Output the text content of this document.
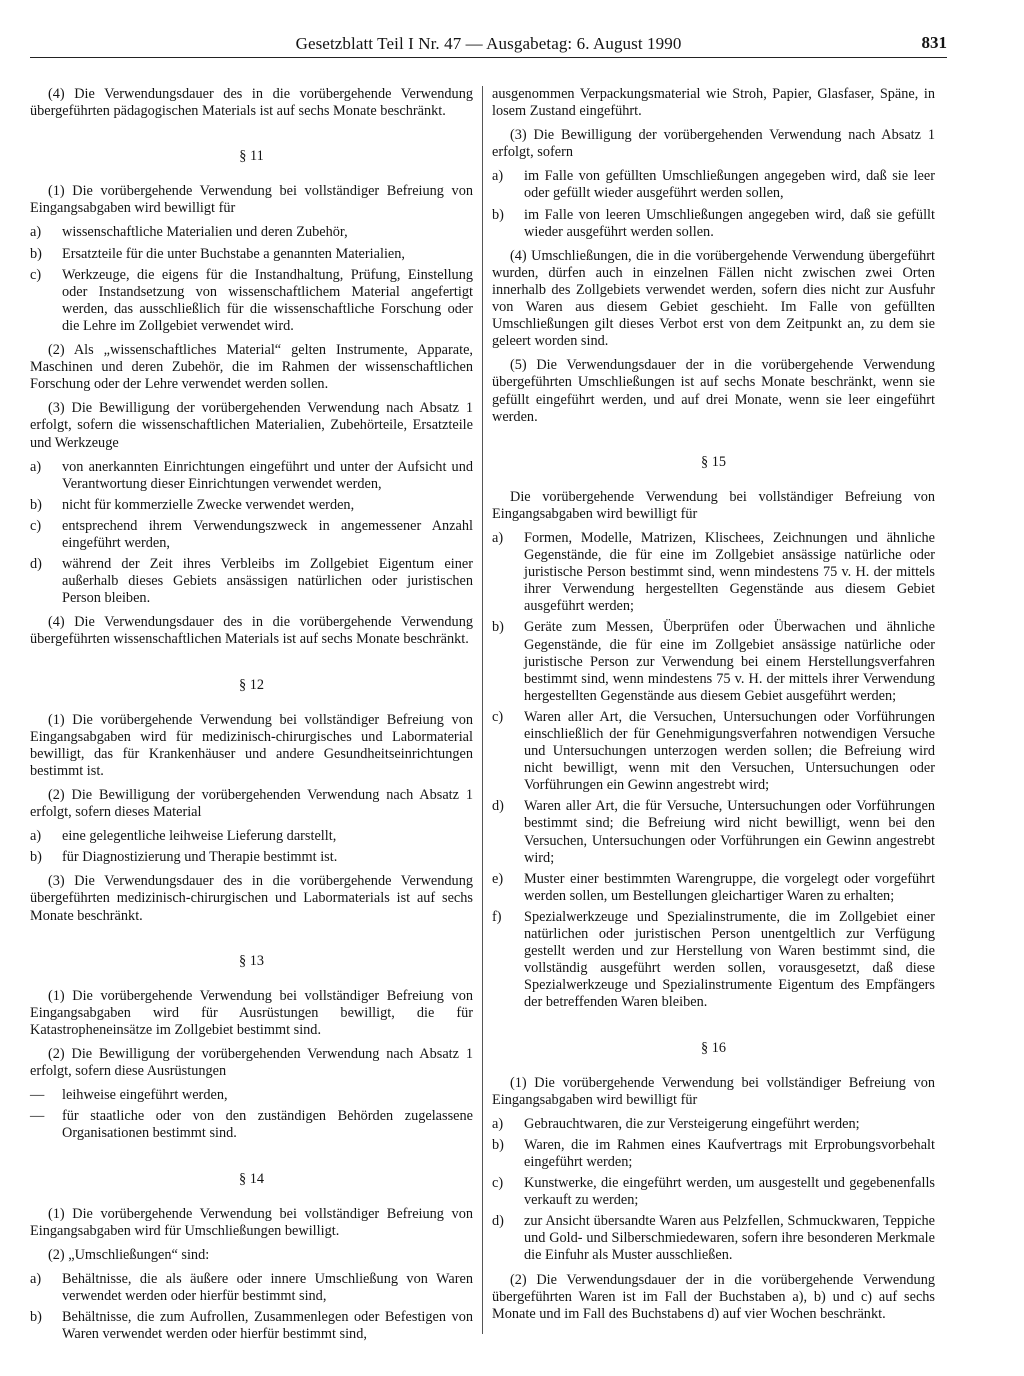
Gesetzblatt Teil I Nr. 47 — Ausgabetag: 6. August 1990	831

(4) Die Verwendungsdauer des in die vorübergehende Verwendung übergeführten pädagogischen Materials ist auf sechs Monate beschränkt.

§ 11

(1) Die vorübergehende Verwendung bei vollständiger Befreiung von Eingangsabgaben wird bewilligt für

a)	wissenschaftliche Materialien und deren Zubehör,
b)	Ersatzteile für die unter Buchstabe a genannten Materialien,
c)	Werkzeuge, die eigens für die Instandhaltung, Prüfung, Einstellung oder Instandsetzung von wissenschaftlichem Material angefertigt werden, das ausschließlich für die wissenschaftliche Forschung oder die Lehre im Zollgebiet verwendet wird.

(2) Als „wissenschaftliches Material“ gelten Instrumente, Apparate, Maschinen und deren Zubehör, die im Rahmen der wissenschaftlichen Forschung oder der Lehre verwendet werden sollen.

(3) Die Bewilligung der vorübergehenden Verwendung nach Absatz 1 erfolgt, sofern die wissenschaftlichen Materialien, Zubehörteile, Ersatzteile und Werkzeuge

a)	von anerkannten Einrichtungen eingeführt und unter der Aufsicht und Verantwortung dieser Einrichtungen verwendet werden,
b)	nicht für kommerzielle Zwecke verwendet werden,
c)	entsprechend ihrem Verwendungszweck in angemessener Anzahl eingeführt werden,
d)	während der Zeit ihres Verbleibs im Zollgebiet Eigentum einer außerhalb dieses Gebiets ansässigen natürlichen oder juristischen Person bleiben.

(4) Die Verwendungsdauer des in die vorübergehende Verwendung übergeführten wissenschaftlichen Materials ist auf sechs Monate beschränkt.

§ 12

(1) Die vorübergehende Verwendung bei vollständiger Befreiung von Eingangsabgaben wird für medizinisch-chirurgisches und Labormaterial bewilligt, das für Krankenhäuser und andere Gesundheitseinrichtungen bestimmt ist.

(2) Die Bewilligung der vorübergehenden Verwendung nach Absatz 1 erfolgt, sofern dieses Material

a)	eine gelegentliche leihweise Lieferung darstellt,
b)	für Diagnostizierung und Therapie bestimmt ist.

(3) Die Verwendungsdauer des in die vorübergehende Verwendung übergeführten medizinisch-chirurgischen und Labormaterials ist auf sechs Monate beschränkt.

§ 13

(1) Die vorübergehende Verwendung bei vollständiger Befreiung von Eingangsabgaben wird für Ausrüstungen bewilligt, die für Katastropheneinsätze im Zollgebiet bestimmt sind.

(2) Die Bewilligung der vorübergehenden Verwendung nach Absatz 1 erfolgt, sofern diese Ausrüstungen

—	leihweise eingeführt werden,
—	für staatliche oder von den zuständigen Behörden zugelassene Organisationen bestimmt sind.
§ 14

(1) Die vorübergehende Verwendung bei vollständiger Befreiung von Eingangsabgaben wird für Umschließungen bewilligt.

(2) „Umschließungen“ sind:

a)	Behältnisse, die als äußere oder innere Umschließung von Waren verwendet werden oder hierfür bestimmt sind,
b)	Behältnisse, die zum Aufrollen, Zusammenlegen oder Befestigen von Waren verwendet werden oder hierfür bestimmt sind,

ausgenommen Verpackungsmaterial wie Stroh, Papier, Glasfaser, Späne, in losem Zustand eingeführt.

(3) Die Bewilligung der vorübergehenden Verwendung nach Absatz 1 erfolgt, sofern

a)	im Falle von gefüllten Umschließungen angegeben wird, daß sie leer oder gefüllt wieder ausgeführt werden sollen,
b)	im Falle von leeren Umschließungen angegeben wird, daß sie gefüllt wieder ausgeführt werden sollen.

(4) Umschließungen, die in die vorübergehende Verwendung übergeführt wurden, dürfen auch in einzelnen Fällen nicht zwischen zwei Orten innerhalb des Zollgebiets verwendet werden, sofern dies nicht zur Ausfuhr von Waren aus diesem Gebiet geschieht. Im Falle von gefüllten Umschließungen gilt dieses Verbot erst von dem Zeitpunkt an, zu dem sie geleert worden sind.

(5) Die Verwendungsdauer der in die vorübergehende Verwendung übergeführten Umschließungen ist auf sechs Monate beschränkt, wenn sie gefüllt eingeführt werden, und auf drei Monate, wenn sie leer eingeführt werden.

§ 15

Die vorübergehende Verwendung bei vollständiger Befreiung von Eingangsabgaben wird bewilligt für

a)	Formen, Modelle, Matrizen, Klischees, Zeichnungen und ähnliche Gegenstände, die für eine im Zollgebiet ansässige natürliche oder juristische Person bestimmt sind, wenn mindestens 75 v. H. der mittels ihrer Verwendung hergestellten Gegenstände aus diesem Gebiet ausgeführt werden;
b)	Geräte zum Messen, Überprüfen oder Überwachen und ähnliche Gegenstände, die für eine im Zollgebiet ansässige natürliche oder juristische Person zur Verwendung bei einem Herstellungsverfahren bestimmt sind, wenn mindestens 75 v. H. der mittels ihrer Verwendung hergestellten Gegenstände aus diesem Gebiet ausgeführt werden;
c)	Waren aller Art, die Versuchen, Untersuchungen oder Vorführungen einschließlich der für Genehmigungsverfahren notwendigen Versuche und Untersuchungen unterzogen werden sollen; die Befreiung wird nicht bewilligt, wenn mit den Versuchen, Untersuchungen oder Vorführungen ein Gewinn angestrebt wird;
d)	Waren aller Art, die für Versuche, Untersuchungen oder Vorführungen bestimmt sind; die Befreiung wird nicht bewilligt, wenn bei den Versuchen, Untersuchungen oder Vorführungen ein Gewinn angestrebt wird;
e)	Muster einer bestimmten Warengruppe, die vorgelegt oder vorgeführt werden sollen, um Bestellungen gleichartiger Waren zu erhalten;
f)	Spezialwerkzeuge und Spezialinstrumente, die im Zollgebiet einer natürlichen oder juristischen Person unentgeltlich zur Verfügung gestellt werden und zur Herstellung von Waren bestimmt sind, die vollständig ausgeführt werden sollen, vorausgesetzt, daß diese Spezialwerkzeuge und Spezialinstrumente Eigentum des Empfängers der betreffenden Waren bleiben.
§ 16

(1) Die vorübergehende Verwendung bei vollständiger Befreiung von Eingangsabgaben wird bewilligt für

a)	Gebrauchtwaren, die zur Versteigerung eingeführt werden;
b)	Waren, die im Rahmen eines Kaufvertrags mit Erprobungsvorbehalt eingeführt werden;
c)	Kunstwerke, die eingeführt werden, um ausgestellt und gegebenenfalls verkauft zu werden;
d)	zur Ansicht übersandte Waren aus Pelzfellen, Schmuckwaren, Teppiche und Gold- und Silberschmiedewaren, sofern ihre besonderen Merkmale die Einfuhr als Muster ausschließen.

(2) Die Verwendungsdauer der in die vorübergehende Verwendung übergeführten Waren ist im Fall der Buchstaben a), b) und c) auf sechs Monate und im Fall des Buchstabens d) auf vier Wochen beschränkt.
